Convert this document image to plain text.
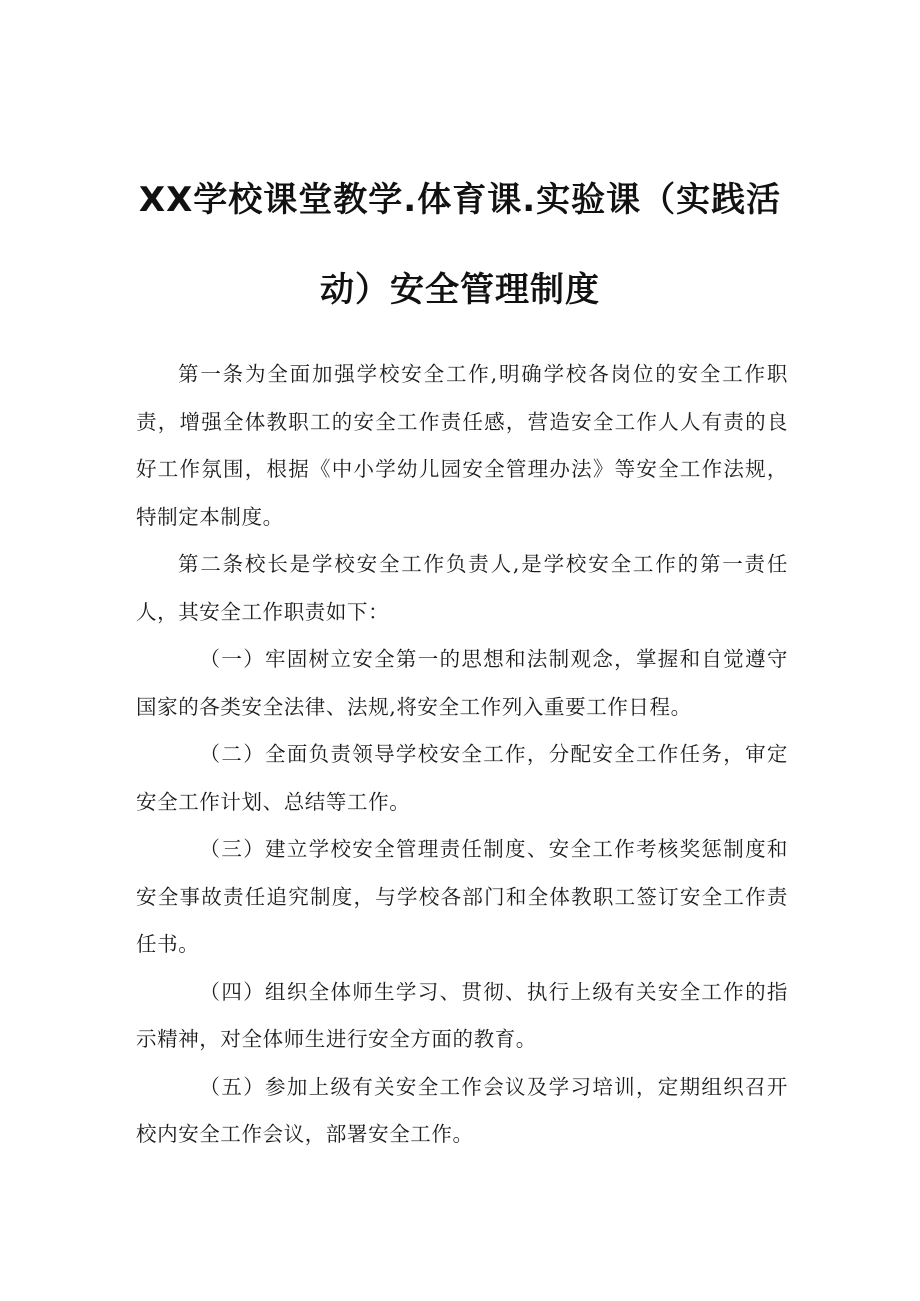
XX学校课堂教学.体育课.实验课（实践活
动）安全管理制度

第一条为全面加强学校安全工作,明确学校各岗位的安全工作职责，增强全体教职工的安全工作责任感，营造安全工作人人有责的良好工作氛围，根据《中小学幼儿园安全管理办法》等安全工作法规，特制定本制度。

第二条校长是学校安全工作负责人,是学校安全工作的第一责任人，其安全工作职责如下：

（一）牢固树立安全第一的思想和法制观念，掌握和自觉遵守国家的各类安全法律、法规,将安全工作列入重要工作日程。

（二）全面负责领导学校安全工作，分配安全工作任务，审定安全工作计划、总结等工作。

（三）建立学校安全管理责任制度、安全工作考核奖惩制度和安全事故责任追究制度，与学校各部门和全体教职工签订安全工作责任书。

（四）组织全体师生学习、贯彻、执行上级有关安全工作的指示精神，对全体师生进行安全方面的教育。

（五）参加上级有关安全工作会议及学习培训，定期组织召开校内安全工作会议，部署安全工作。
